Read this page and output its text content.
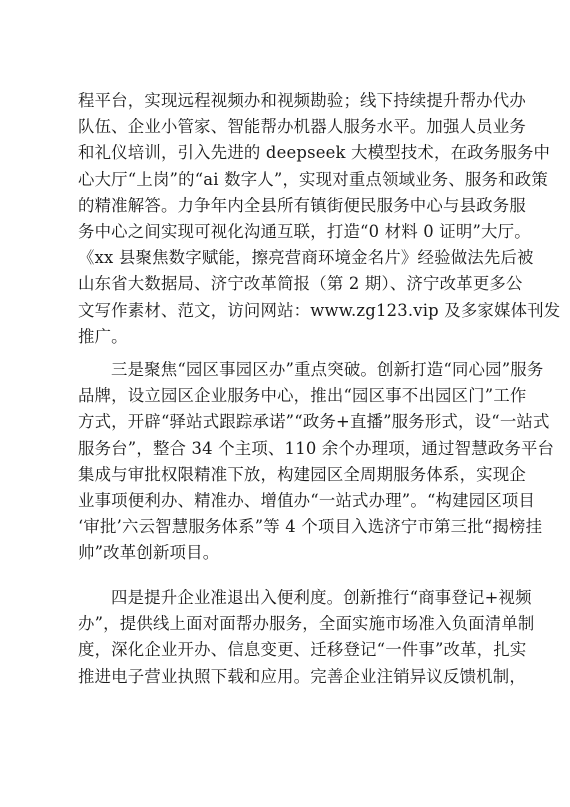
程平台，实现远程视频办和视频勘验；线下持续提升帮办代办
队伍、企业小管家、智能帮办机器人服务水平。加强人员业务
和礼仪培训，引入先进的 deepseek 大模型技术，在政务服务中
心大厅“上岗”的“ai 数字人”，实现对重点领域业务、服务和政策
的精准解答。力争年内全县所有镇街便民服务中心与县政务服
务中心之间实现可视化沟通互联，打造“0 材料 0 证明”大厅。
《xx 县聚焦数字赋能，擦亮营商环境金名片》经验做法先后被
山东省大数据局、济宁改革简报（第 2 期）、济宁改革更多公
文写作素材、范文，访问网站：www.zg123.vip 及多家媒体刊发
推广。
三是聚焦“园区事园区办”重点突破。创新打造“同心园”服务
品牌，设立园区企业服务中心，推出“园区事不出园区门”工作
方式，开辟“驿站式跟踪承诺”“政务+直播”服务形式，设“一站式
服务台”，整合 34 个主项、110 余个办理项，通过智慧政务平台
集成与审批权限精准下放，构建园区全周期服务体系，实现企
业事项便利办、精准办、增值办“一站式办理”。“构建园区项目
‘审批’六云智慧服务体系”等 4 个项目入选济宁市第三批“揭榜挂
帅”改革创新项目。
四是提升企业准退出入便利度。创新推行“商事登记+视频
办”，提供线上面对面帮办服务，全面实施市场准入负面清单制
度，深化企业开办、信息变更、迁移登记“一件事”改革，扎实
推进电子营业执照下载和应用。完善企业注销异议反馈机制，
